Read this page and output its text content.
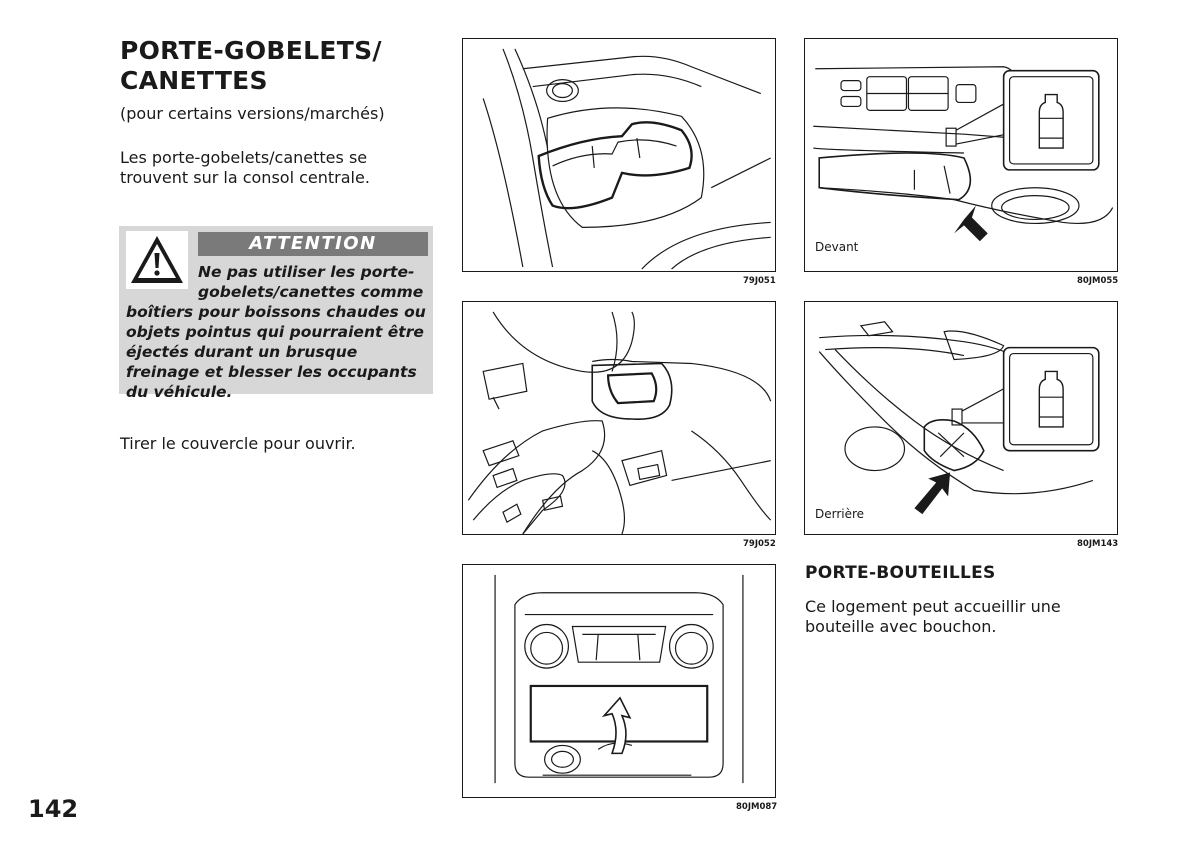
PORTE-GOBELETS/
CANETTES
(pour certains versions/marchés)
Les porte-gobelets/canettes se trouvent sur la consol centrale.
ATTENTION
Ne pas utiliser les porte-gobelets/canettes comme boîtiers pour boissons chaudes ou objets pointus qui pourraient être éjectés durant un brusque freinage et blesser les occupants du véhicule.
Tirer le couvercle pour ouvrir.
79J051
79J052
80JM087
Devant
80JM055
Derrière
80JM143
PORTE-BOUTEILLES
Ce logement peut accueillir une bouteille avec bouchon.
142
